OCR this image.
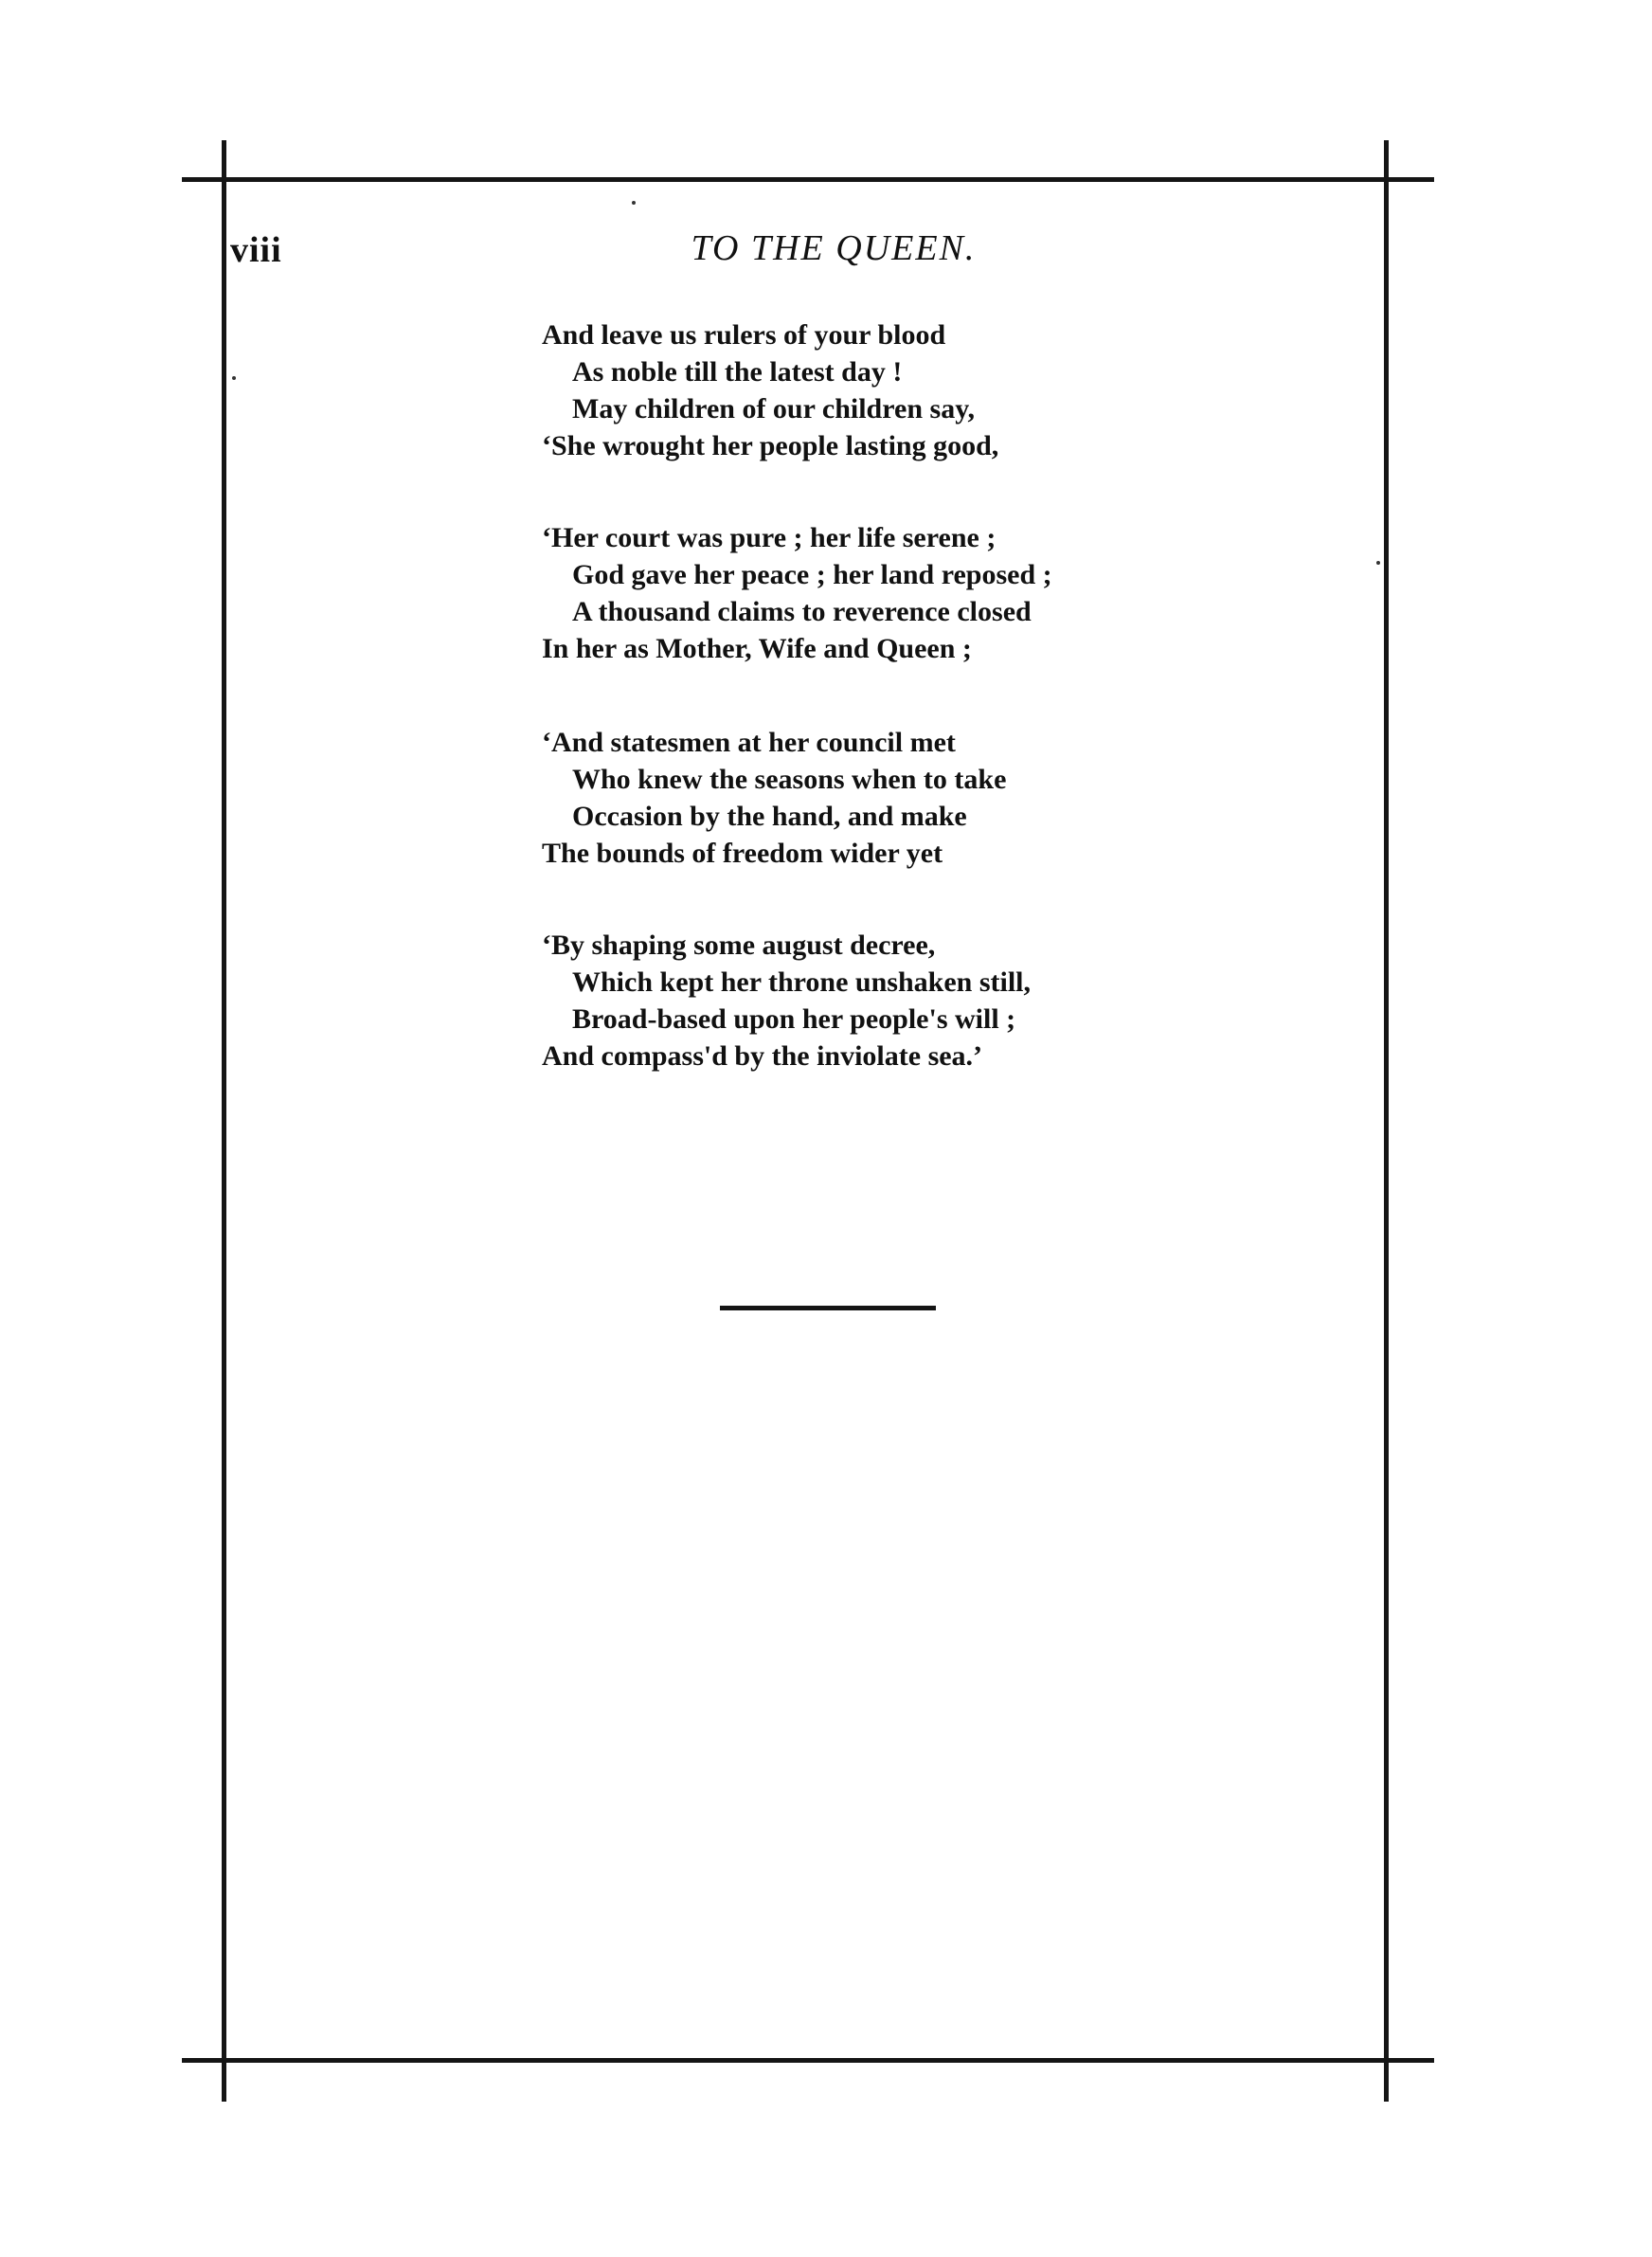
viii	TO THE QUEEN.
And leave us rulers of your blood
As noble till the latest day !
May children of our children say,
‘She wrought her people lasting good,
‘Her court was pure ; her life serene ;
God gave her peace ; her land reposed ;
A thousand claims to reverence closed
In her as Mother, Wife and Queen ;
‘And statesmen at her council met
Who knew the seasons when to take
Occasion by the hand, and make
The bounds of freedom wider yet
‘By shaping some august decree,
Which kept her throne unshaken still,
Broad-based upon her people's will ;
And compass'd by the inviolate sea.’
